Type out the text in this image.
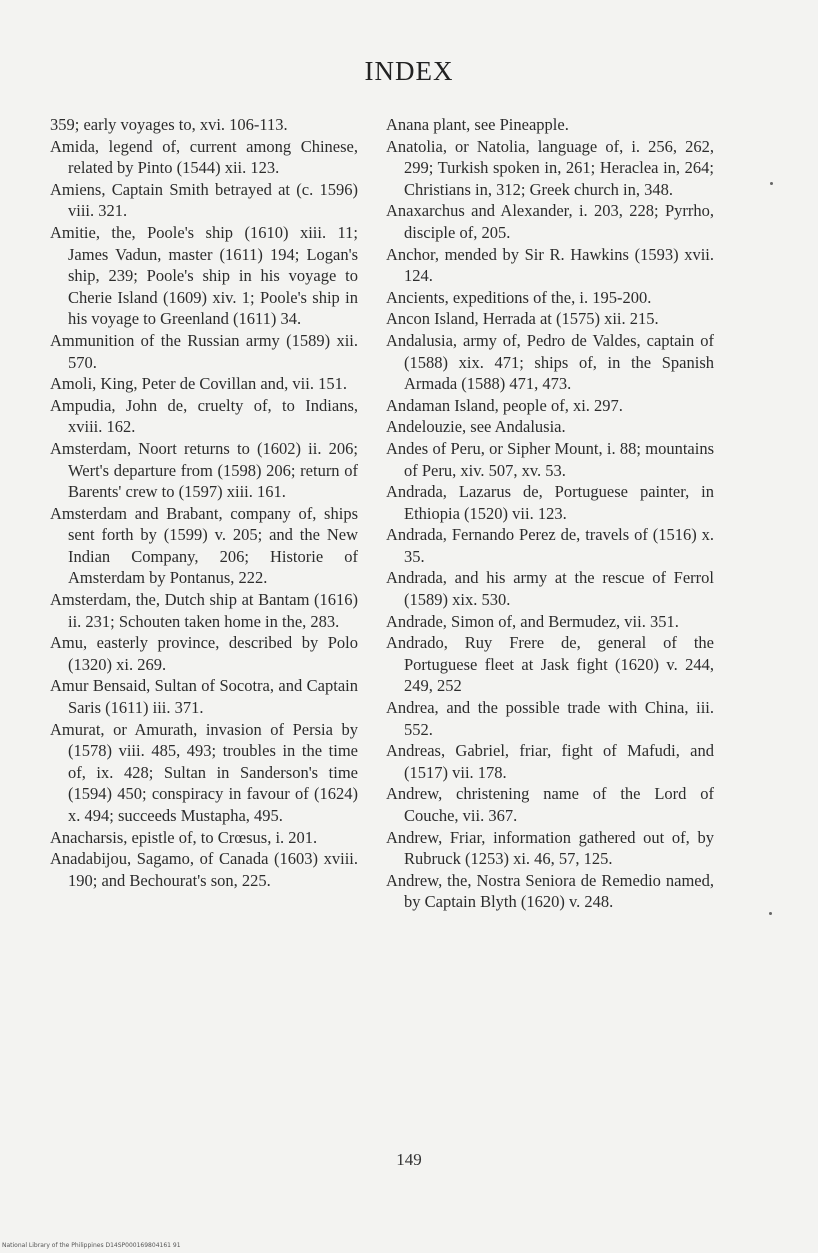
INDEX

359; early voyages to, xvi. 106-113.

Amida, legend of, current among Chinese, related by Pinto (1544) xii. 123.

Amiens, Captain Smith betrayed at (c. 1596) viii. 321.

Amitie, the, Poole's ship (1610) xiii. 11; James Vadun, master (1611) 194; Logan's ship, 239; Poole's ship in his voyage to Cherie Island (1609) xiv. 1; Poole's ship in his voyage to Greenland (1611) 34.

Ammunition of the Russian army (1589) xii. 570.

Amoli, King, Peter de Covillan and, vii. 151.

Ampudia, John de, cruelty of, to Indians, xviii. 162.

Amsterdam, Noort returns to (1602) ii. 206; Wert's departure from (1598) 206; return of Barents' crew to (1597) xiii. 161.

Amsterdam and Brabant, company of, ships sent forth by (1599) v. 205; and the New Indian Company, 206; Historie of Amsterdam by Pontanus, 222.

Amsterdam, the, Dutch ship at Bantam (1616) ii. 231; Schouten taken home in the, 283.

Amu, easterly province, described by Polo (1320) xi. 269.

Amur Bensaid, Sultan of Socotra, and Captain Saris (1611) iii. 371.

Amurat, or Amurath, invasion of Persia by (1578) viii. 485, 493; troubles in the time of, ix. 428; Sultan in Sanderson's time (1594) 450; conspiracy in favour of (1624) x. 494; succeeds Mustapha, 495.

Anacharsis, epistle of, to Crœsus, i. 201.

Anadabijou, Sagamo, of Canada (1603) xviii. 190; and Bechourat's son, 225.

Anana plant, see Pineapple.

Anatolia, or Natolia, language of, i. 256, 262, 299; Turkish spoken in, 261; Heraclea in, 264; Christians in, 312; Greek church in, 348.

Anaxarchus and Alexander, i. 203, 228; Pyrrho, disciple of, 205.

Anchor, mended by Sir R. Hawkins (1593) xvii. 124.

Ancients, expeditions of the, i. 195-200.

Ancon Island, Herrada at (1575) xii. 215.

Andalusia, army of, Pedro de Valdes, captain of (1588) xix. 471; ships of, in the Spanish Armada (1588) 471, 473.

Andaman Island, people of, xi. 297.

Andelouzie, see Andalusia.

Andes of Peru, or Sipher Mount, i. 88; mountains of Peru, xiv. 507, xv. 53.

Andrada, Lazarus de, Portuguese painter, in Ethiopia (1520) vii. 123.

Andrada, Fernando Perez de, travels of (1516) x. 35.

Andrada, and his army at the rescue of Ferrol (1589) xix. 530.

Andrade, Simon of, and Bermudez, vii. 351.

Andrado, Ruy Frere de, general of the Portuguese fleet at Jask fight (1620) v. 244, 249, 252

Andrea, and the possible trade with China, iii. 552.

Andreas, Gabriel, friar, fight of Mafudi, and (1517) vii. 178.

Andrew, christening name of the Lord of Couche, vii. 367.

Andrew, Friar, information gathered out of, by Rubruck (1253) xi. 46, 57, 125.

Andrew, the, Nostra Seniora de Remedio named, by Captain Blyth (1620) v. 248.

149
National Library of the Philippines D14SP000169804161 91
